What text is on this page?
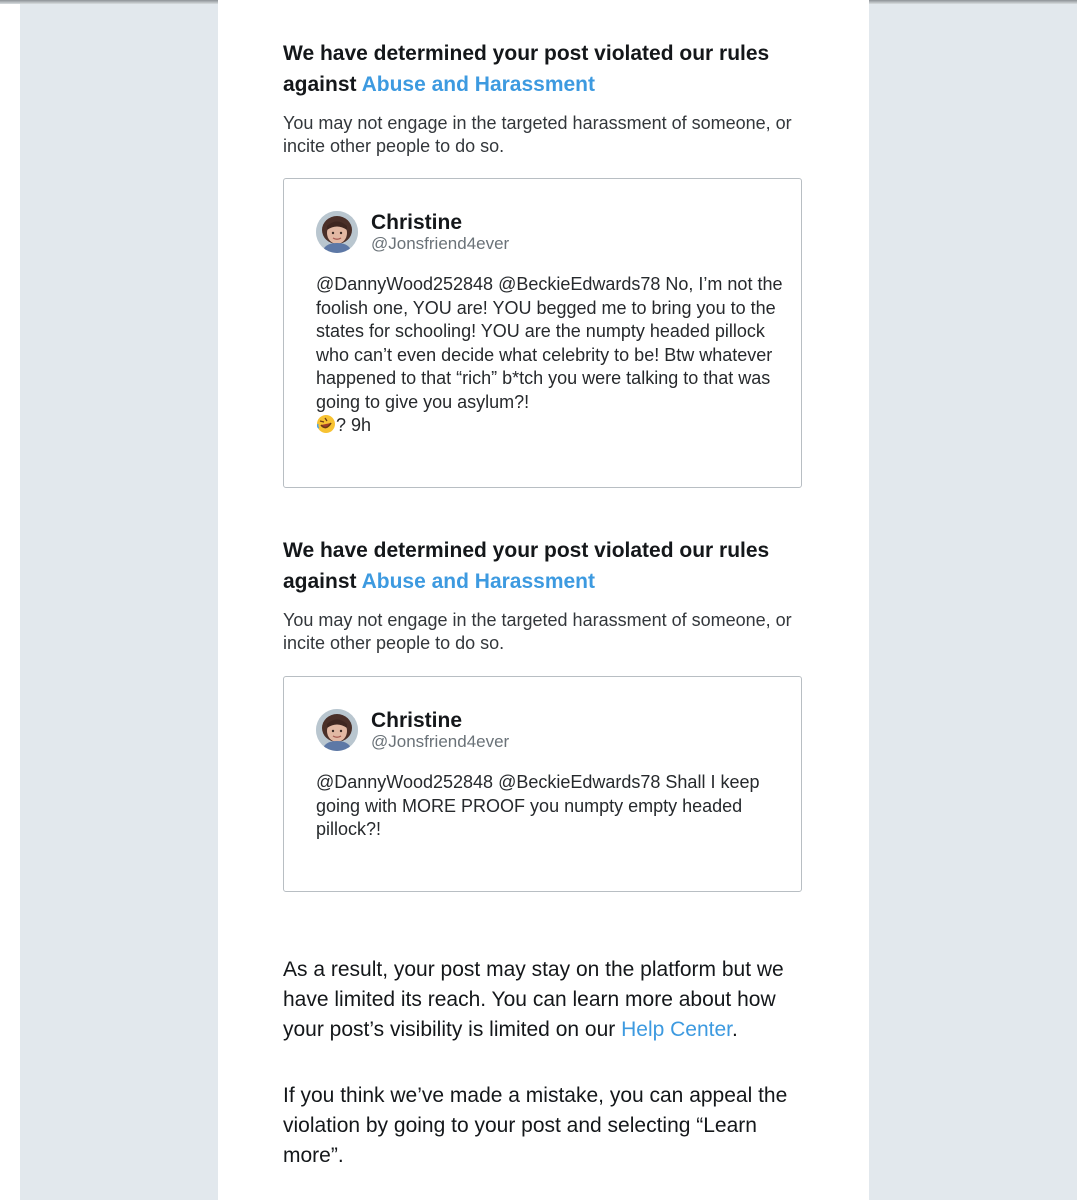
We have determined your post violated our rules against Abuse and Harassment

You may not engage in the targeted harassment of someone, or incite other people to do so.

Christine
@Jonsfriend4ever

@DannyWood252848 @BeckieEdwards78 No, I’m not the foolish one, YOU are! YOU begged me to bring you to the states for schooling! YOU are the numpty headed pillock who can’t even decide what celebrity to be! Btw whatever happened to that “rich” b*tch you were talking to that was going to give you asylum?!
? 9h

We have determined your post violated our rules against Abuse and Harassment

You may not engage in the targeted harassment of someone, or incite other people to do so.

Christine
@Jonsfriend4ever

@DannyWood252848 @BeckieEdwards78 Shall I keep going with MORE PROOF you numpty empty headed pillock?!

As a result, your post may stay on the platform but we have limited its reach. You can learn more about how your post’s visibility is limited on our Help Center.

If you think we’ve made a mistake, you can appeal the violation by going to your post and selecting “Learn more”.
